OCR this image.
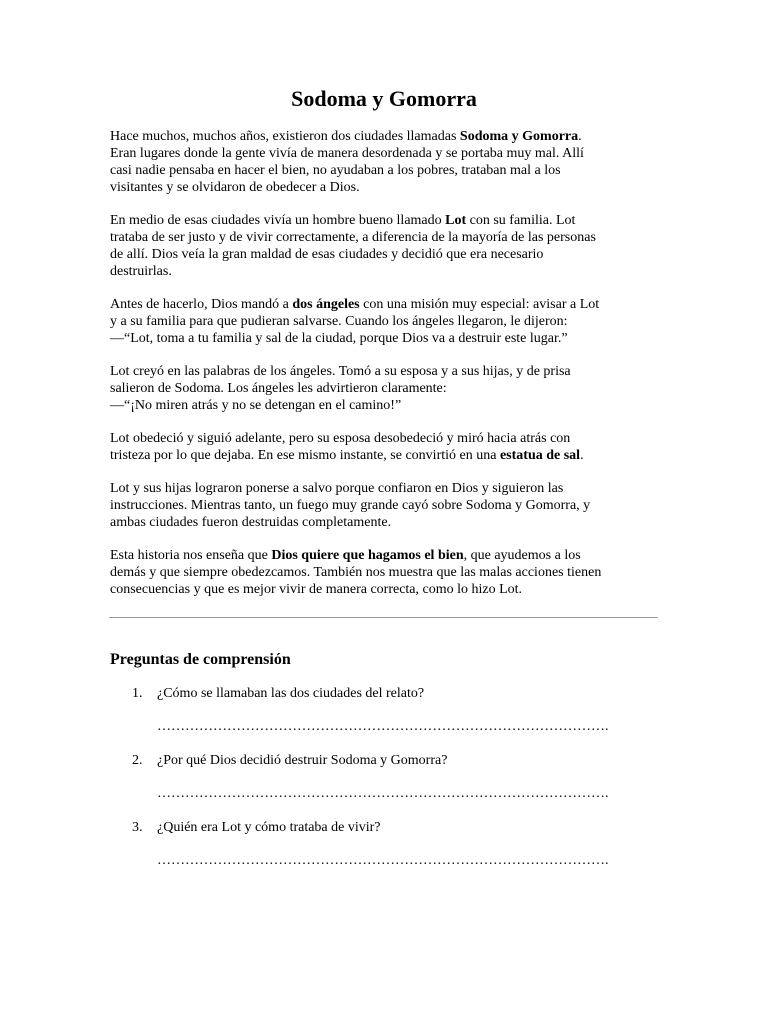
Sodoma y Gomorra

Hace muchos, muchos años, existieron dos ciudades llamadas Sodoma y Gomorra.
Eran lugares donde la gente vivía de manera desordenada y se portaba muy mal. Allí
casi nadie pensaba en hacer el bien, no ayudaban a los pobres, trataban mal a los
visitantes y se olvidaron de obedecer a Dios.

En medio de esas ciudades vivía un hombre bueno llamado Lot con su familia. Lot
trataba de ser justo y de vivir correctamente, a diferencia de la mayoría de las personas
de allí. Dios veía la gran maldad de esas ciudades y decidió que era necesario
destruirlas.

Antes de hacerlo, Dios mandó a dos ángeles con una misión muy especial: avisar a Lot
y a su familia para que pudieran salvarse. Cuando los ángeles llegaron, le dijeron:
—“Lot, toma a tu familia y sal de la ciudad, porque Dios va a destruir este lugar.”

Lot creyó en las palabras de los ángeles. Tomó a su esposa y a sus hijas, y de prisa
salieron de Sodoma. Los ángeles les advirtieron claramente:
—“¡No miren atrás y no se detengan en el camino!”

Lot obedeció y siguió adelante, pero su esposa desobedeció y miró hacia atrás con
tristeza por lo que dejaba. En ese mismo instante, se convirtió en una estatua de sal.

Lot y sus hijas lograron ponerse a salvo porque confiaron en Dios y siguieron las
instrucciones. Mientras tanto, un fuego muy grande cayó sobre Sodoma y Gomorra, y
ambas ciudades fueron destruidas completamente.

Esta historia nos enseña que Dios quiere que hagamos el bien, que ayudemos a los
demás y que siempre obedezcamos. También nos muestra que las malas acciones tienen
consecuencias y que es mejor vivir de manera correcta, como lo hizo Lot.

Preguntas de comprensión
1. ¿Cómo se llamaban las dos ciudades del relato?
…………………………………………………………………………………….
2. ¿Por qué Dios decidió destruir Sodoma y Gomorra?
…………………………………………………………………………………….
3. ¿Quién era Lot y cómo trataba de vivir?
…………………………………………………………………………………….
